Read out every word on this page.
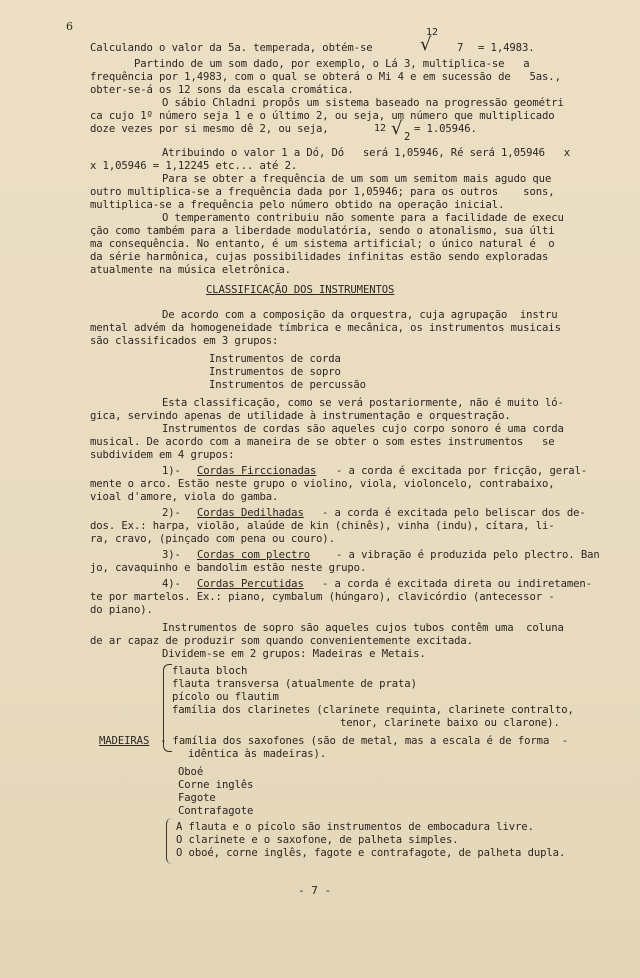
6
Calculando o valor da 5a. temperada, obtém-se
12
√ 7 = 1,4983.
Partindo de um som dado, por exemplo, o Lá 3, multiplica-se   a
frequência por 1,4983, com o qual se obterá o Mi 4 e em sucessão de   5as.,
obter-se-á os 12 sons da escala cromática.
O sábio Chladni propôs um sistema baseado na progressão geométri
ca cujo 1º número seja 1 e o último 2, ou seja, um número que multiplicado
doze vezes por si mesmo dê 2, ou seja,	12 √ 2
= 1.05946.
Atribuindo o valor 1 a Dó, Dó   será 1,05946, Ré será 1,05946   x
x 1,05946 = 1,12245 etc... até 2.
Para se obter a frequência de um som um semitom mais agudo que
outro multiplica-se a frequência dada por 1,05946; para os outros    sons,
multiplica-se a frequência pelo número obtido na operação inicial.
O temperamento contribuiu não somente para a facilidade de execu
ção como também para a liberdade modulatória, sendo o atonalismo, sua últi
ma consequência. No entanto, é um sistema artificial; o único natural é  o
da série harmônica, cujas possibilidades infinitas estão sendo exploradas
atualmente na música eletrônica.
CLASSIFICAÇÃO DOS INSTRUMENTOS
De acordo com a composição da orquestra, cuja agrupação  instru
mental advém da homogeneidade tímbrica e mecânica, os instrumentos musicais
são classificados em 3 grupos:
Instrumentos de corda
Instrumentos de sopro
Instrumentos de percussão
Esta classificação, como se verá postariormente, não é muito ló-
gica, servindo apenas de utilidade à instrumentação e orquestração.
Instrumentos de cordas são aqueles cujo corpo sonoro é uma corda
musical. De acordo com a maneira de se obter o som estes instrumentos   se
subdividem em 4 grupos:
1)- Cordas Firccionadas - a corda é excitada por fricção, geral-
mente o arco. Estão neste grupo o violino, viola, violoncelo, contrabaixo,
vioal d'amore, viola do gamba.
2)- Cordas Dedilhadas - a corda é excitada pelo beliscar dos de-
dos. Ex.: harpa, violão, alaúde de kin (chinês), vinha (indu), cítara, li-
ra, cravo, (pinçado com pena ou couro).
3)- Cordas com plectro - a vibração é produzida pelo plectro. Ban
jo, cavaquinho e bandolim estão neste grupo.
4)- Cordas Percutidas - a corda é excitada direta ou indiretamen-
te por martelos. Ex.: piano, cymbalum (húngaro), clavicórdio (antecessor -
do piano).
Instrumentos de sopro são aqueles cujos tubos contêm uma  coluna
de ar capaz de produzir som quando convenientemente excitada.
Dividem-se em 2 grupos: Madeiras e Metais.
flauta bloch
flauta transversa (atualmente de prata)
pícolo ou flautim
família dos clarinetes (clarinete requinta, clarinete contralto,
tenor, clarinete baixo ou clarone).
MADEIRAS - família dos saxofones (são de metal, mas a escala é de forma  -
idêntica às madeiras).
Oboé
Corne inglês
Fagote
Contrafagote
A flauta e o pícolo são instrumentos de embocadura livre.
O clarinete e o saxofone, de palheta simples.
O oboé, corne inglês, fagote e contrafagote, de palheta dupla.
- 7 -
